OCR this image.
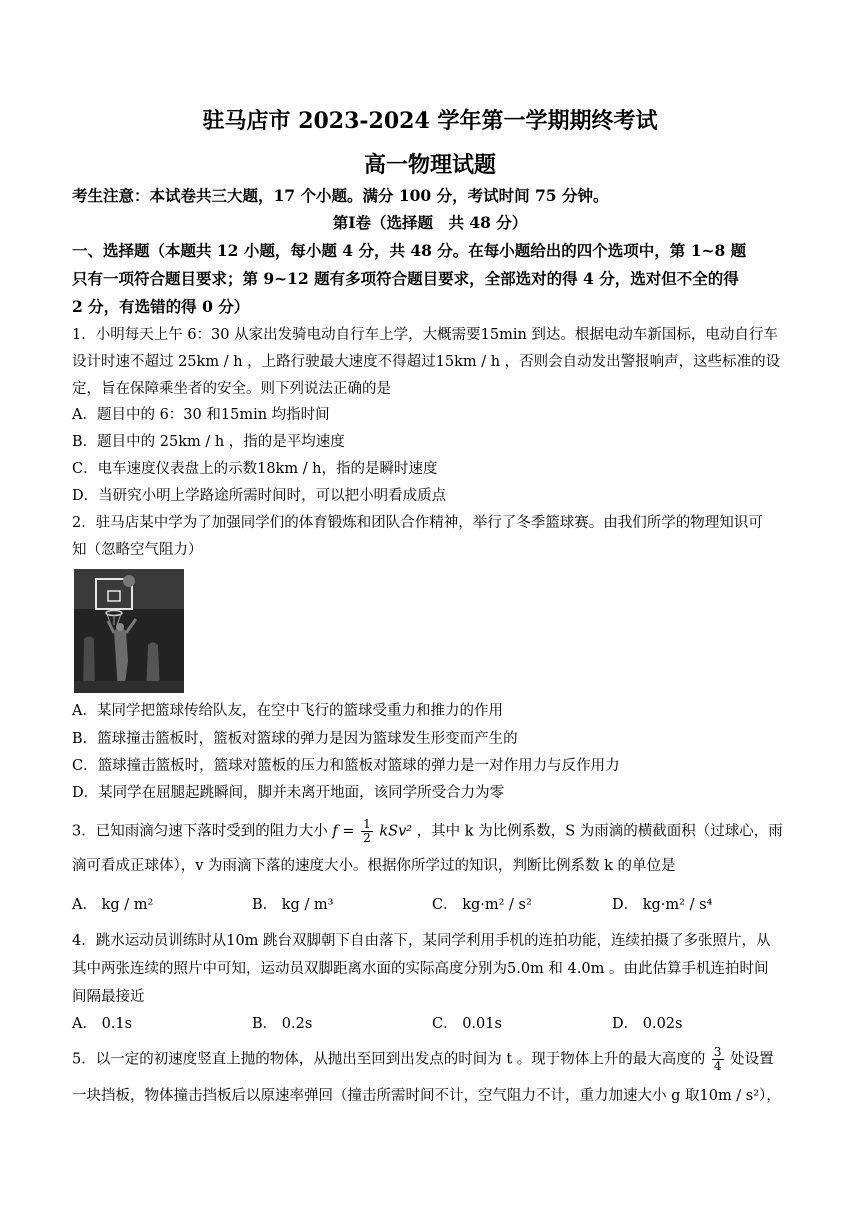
驻马店市 2023-2024 学年第一学期期终考试
高一物理试题
考生注意：本试卷共三大题，17 个小题。满分 100 分，考试时间 75 分钟。
第Ⅰ卷（选择题　共 48 分）
一、选择题（本题共 12 小题，每小题 4 分，共 48 分。在每小题给出的四个选项中，第 1~8 题
只有一项符合题目要求；第 9~12 题有多项符合题目要求，全部选对的得 4 分，选对但不全的得
2 分，有选错的得 0 分）
1．小明每天上午 6：30 从家出发骑电动自行车上学，大概需要15min 到达。根据电动车新国标，电动自行车
设计时速不超过 25km / h ，上路行驶最大速度不得超过15km / h ，否则会自动发出警报响声，这些标准的设
定，旨在保障乘坐者的安全。则下列说法正确的是
A．题目中的 6：30 和15min 均指时间
B．题目中的 25km / h ，指的是平均速度
C．电车速度仪表盘上的示数18km / h，指的是瞬时速度
D．当研究小明上学路途所需时间时，可以把小明看成质点
2．驻马店某中学为了加强同学们的体育锻炼和团队合作精神，举行了冬季篮球赛。由我们所学的物理知识可
知（忽略空气阻力）
A．某同学把篮球传给队友，在空中飞行的篮球受重力和推力的作用
B．篮球撞击篮板时，篮板对篮球的弹力是因为篮球发生形变而产生的
C．篮球撞击篮板时，篮球对篮板的压力和篮板对篮球的弹力是一对作用力与反作用力
D．某同学在屈腿起跳瞬间，脚并未离开地面，该同学所受合力为零
3．已知雨滴匀速下落时受到的阻力大小 $f = \frac{1}{2} kSv^2$ ，其中 k 为比例系数，S 为雨滴的横截面积（过球心，雨
滴可看成正球体），v 为雨滴下落的速度大小。根据你所学过的知识，判断比例系数 k 的单位是
A． kg / m²	B． kg / m³	C． kg·m² / s²	D． kg·m² / s⁴
4．跳水运动员训练时从10m 跳台双脚朝下自由落下，某同学利用手机的连拍功能，连续拍摄了多张照片，从
其中两张连续的照片中可知，运动员双脚距离水面的实际高度分别为5.0m 和 4.0m 。由此估算手机连拍时间
间隔最接近
A． 0.1s	B． 0.2s	C． 0.01s	D． 0.02s
5．以一定的初速度竖直上抛的物体，从抛出至回到出发点的时间为 t 。现于物体上升的最大高度的 $\frac{3}{4}$ 处设置
一块挡板，物体撞击挡板后以原速率弹回（撞击所需时间不计，空气阻力不计，重力加速大小 g 取10m / s²），
